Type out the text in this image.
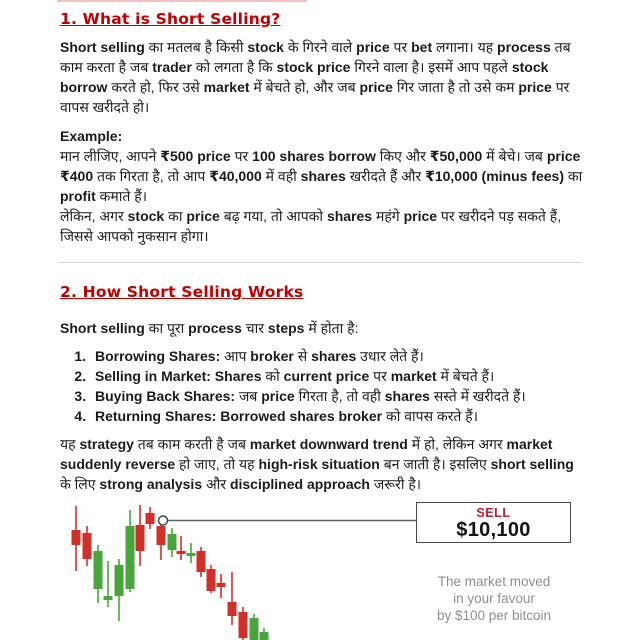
1. What is Short Selling?

Short selling का मतलब है किसी stock के गिरने वाले price पर bet लगाना। यह process तब काम करता है जब trader को लगता है कि stock price गिरने वाला है। इसमें आप पहले stock borrow करते हो, फिर उसे market में बेचते हो, और जब price गिर जाता है तो उसे कम price पर वापस खरीदते हो।

Example:
मान लीजिए, आपने ₹500 price पर 100 shares borrow किए और ₹50,000 में बेचे। जब price ₹400 तक गिरता है, तो आप ₹40,000 में वही shares खरीदते हैं और ₹10,000 (minus fees) का profit कमाते हैं।
लेकिन, अगर stock का price बढ़ गया, तो आपको shares महंगे price पर खरीदने पड़ सकते हैं, जिससे आपको नुकसान होगा।
2. How Short Selling Works

Short selling का पूरा process चार steps में होता है:

1. Borrowing Shares: आप broker से shares उधार लेते हैं।
2. Selling in Market: Shares को current price पर market में बेचते हैं।
3. Buying Back Shares: जब price गिरता है, तो वही shares सस्ते में खरीदते हैं।
4. Returning Shares: Borrowed shares broker को वापस करते हैं।

यह strategy तब काम करती है जब market downward trend में हो, लेकिन अगर market suddenly reverse हो जाए, तो यह high-risk situation बन जाती है। इसलिए short selling के लिए strong analysis और disciplined approach जरूरी है।

SELL
$10,100
The market moved
in your favour
by $100 per bitcoin
